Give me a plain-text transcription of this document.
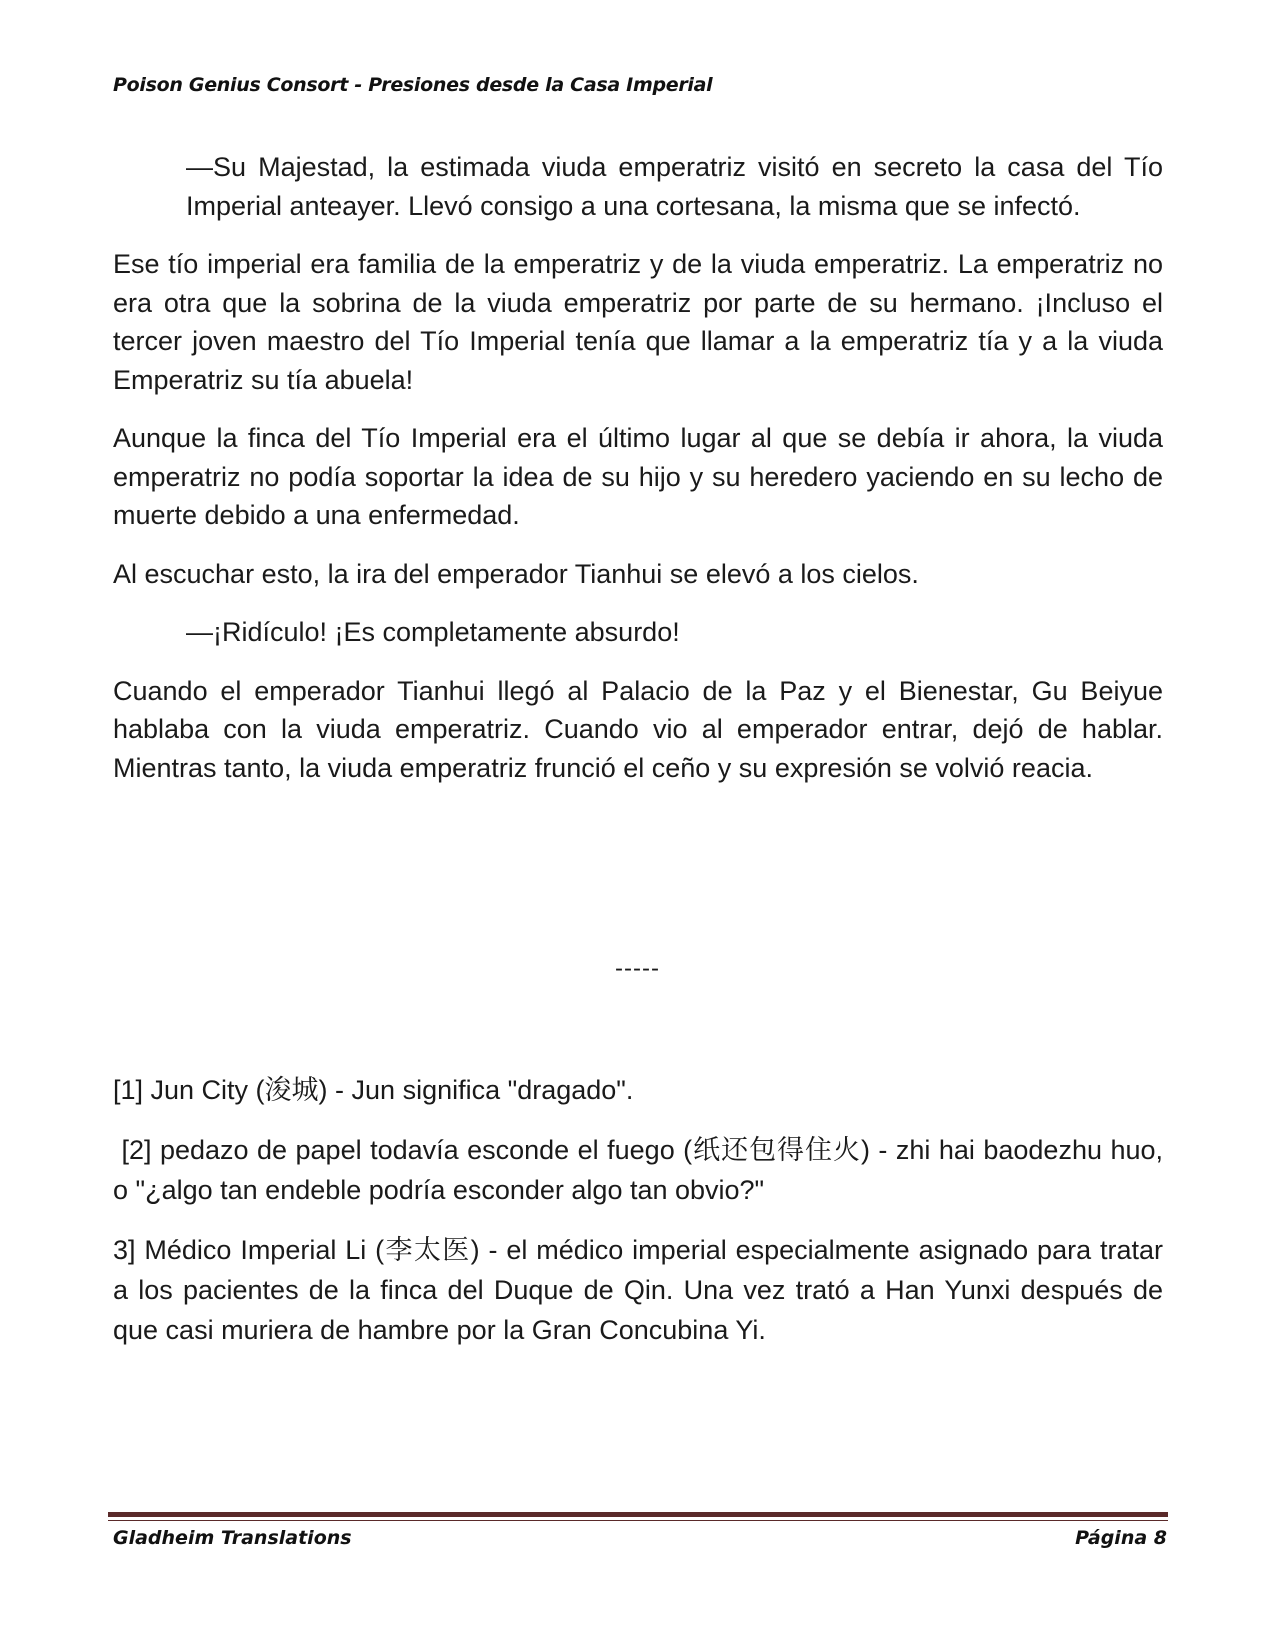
Poison Genius Consort - Presiones desde la Casa Imperial

—Su Majestad, la estimada viuda emperatriz visitó en secreto la casa del Tío Imperial anteayer. Llevó consigo a una cortesana, la misma que se infectó.

Ese tío imperial era familia de la emperatriz y de la viuda emperatriz. La emperatriz no era otra que la sobrina de la viuda emperatriz por parte de su hermano. ¡Incluso el tercer joven maestro del Tío Imperial tenía que llamar a la emperatriz tía y a la viuda Emperatriz su tía abuela!

Aunque la finca del Tío Imperial era el último lugar al que se debía ir ahora, la viuda emperatriz no podía soportar la idea de su hijo y su heredero yaciendo en su lecho de muerte debido a una enfermedad.

Al escuchar esto, la ira del emperador Tianhui se elevó a los cielos.

—¡Ridículo! ¡Es completamente absurdo!

Cuando el emperador Tianhui llegó al Palacio de la Paz y el Bienestar, Gu Beiyue hablaba con la viuda emperatriz. Cuando vio al emperador entrar, dejó de hablar. Mientras tanto, la viuda emperatriz frunció el ceño y su expresión se volvió reacia.

-----

[1] Jun City (浚城) - Jun significa "dragado".

[2] pedazo de papel todavía esconde el fuego (纸还包得住火) - zhi hai baodezhu huo, o "¿algo tan endeble podría esconder algo tan obvio?"

3] Médico Imperial Li (李太医) - el médico imperial especialmente asignado para tratar a los pacientes de la finca del Duque de Qin. Una vez trató a Han Yunxi después de que casi muriera de hambre por la Gran Concubina Yi.

Gladheim Translations	Página 8
